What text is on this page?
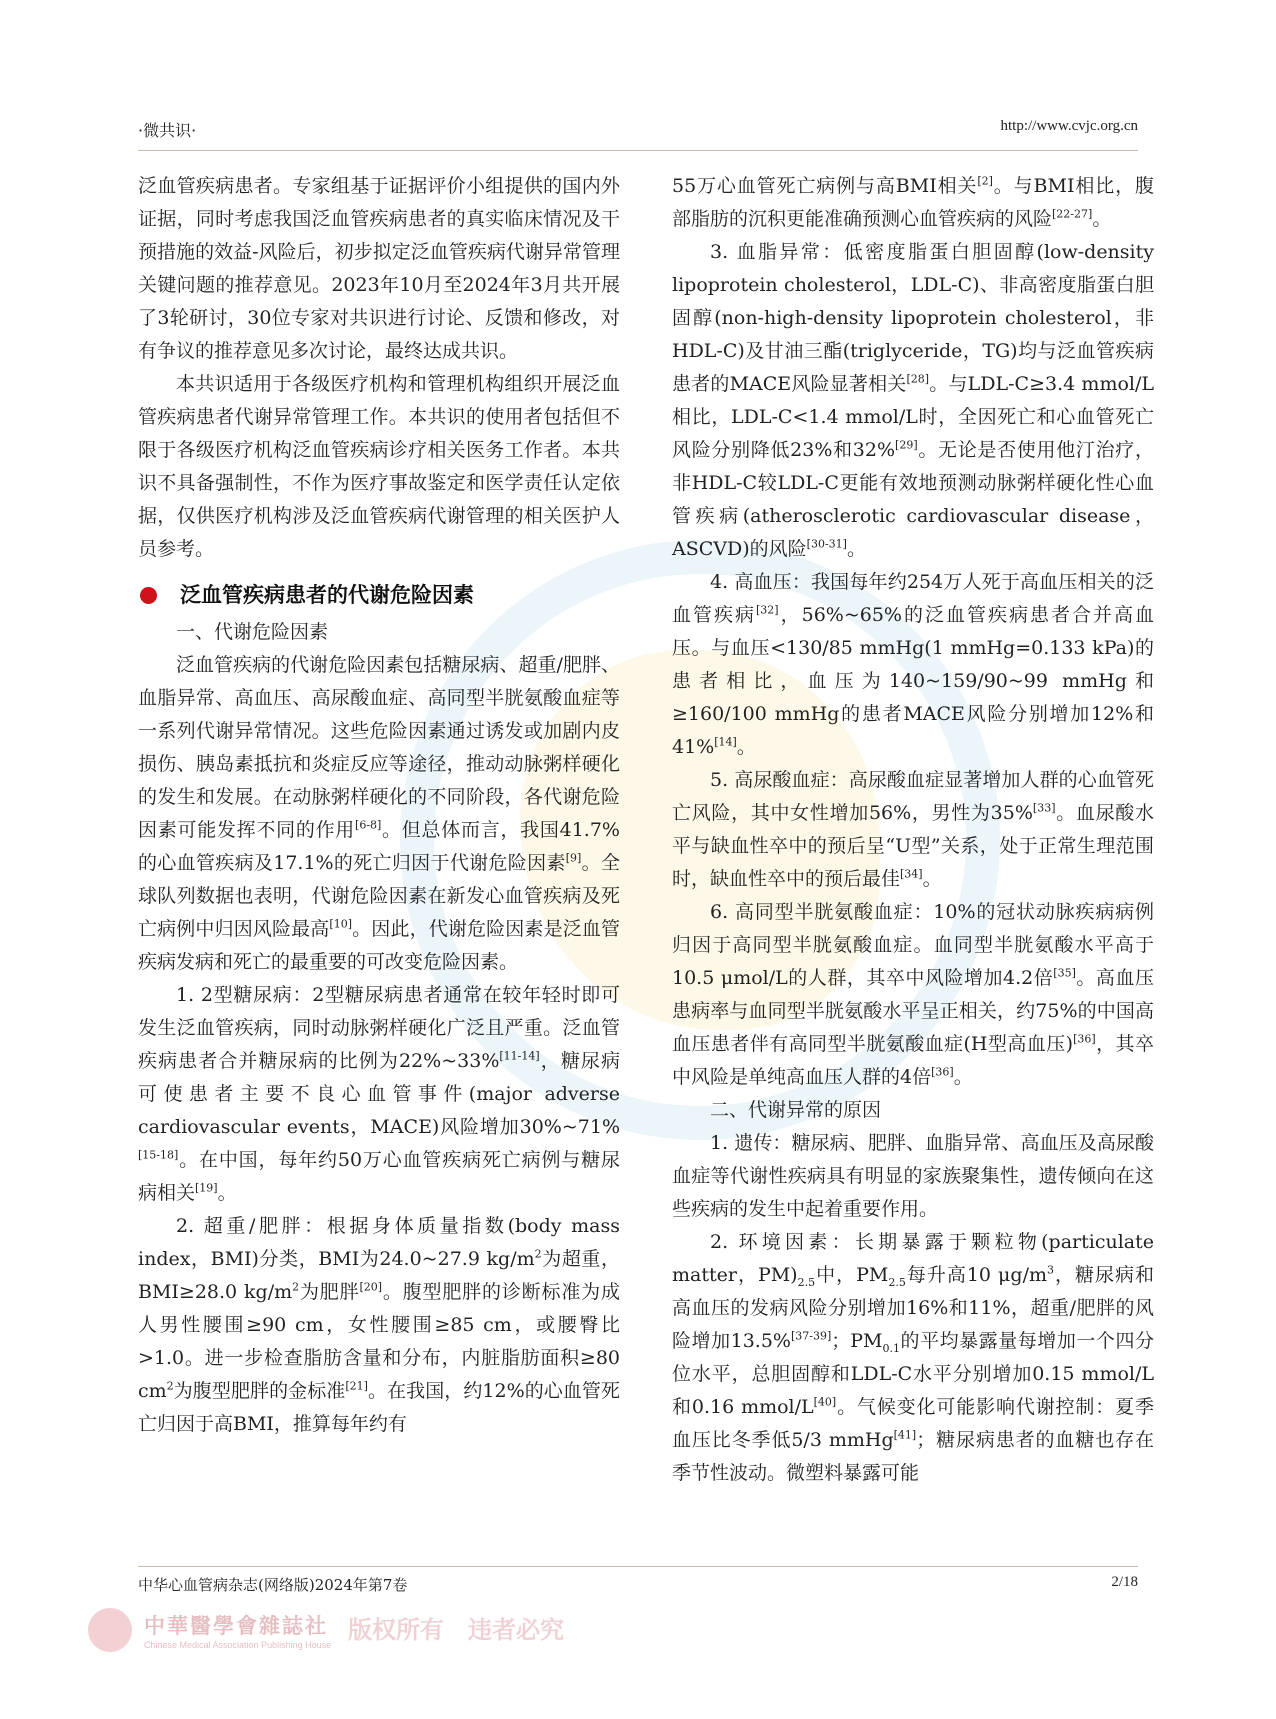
·微共识·	http://www.cvjc.org.cn

泛血管疾病患者。专家组基于证据评价小组提供的国内外证据，同时考虑我国泛血管疾病患者的真实临床情况及干预措施的效益-风险后，初步拟定泛血管疾病代谢异常管理关键问题的推荐意见。2023年10月至2024年3月共开展了3轮研讨，30位专家对共识进行讨论、反馈和修改，对有争议的推荐意见多次讨论，最终达成共识。

本共识适用于各级医疗机构和管理机构组织开展泛血管疾病患者代谢异常管理工作。本共识的使用者包括但不限于各级医疗机构泛血管疾病诊疗相关医务工作者。本共识不具备强制性，不作为医疗事故鉴定和医学责任认定依据，仅供医疗机构涉及泛血管疾病代谢管理的相关医护人员参考。

泛血管疾病患者的代谢危险因素

一、代谢危险因素

泛血管疾病的代谢危险因素包括糖尿病、超重/肥胖、血脂异常、高血压、高尿酸血症、高同型半胱氨酸血症等一系列代谢异常情况。这些危险因素通过诱发或加剧内皮损伤、胰岛素抵抗和炎症反应等途径，推动动脉粥样硬化的发生和发展。在动脉粥样硬化的不同阶段，各代谢危险因素可能发挥不同的作用[6-8]。但总体而言，我国41.7%的心血管疾病及17.1%的死亡归因于代谢危险因素[9]。全球队列数据也表明，代谢危险因素在新发心血管疾病及死亡病例中归因风险最高[10]。因此，代谢危险因素是泛血管疾病发病和死亡的最重要的可改变危险因素。

1. 2型糖尿病：2型糖尿病患者通常在较年轻时即可发生泛血管疾病，同时动脉粥样硬化广泛且严重。泛血管疾病患者合并糖尿病的比例为22%~33%[11-14]，糖尿病可使患者主要不良心血管事件(major adverse cardiovascular events，MACE)风险增加30%~71%[15-18]。在中国，每年约50万心血管疾病死亡病例与糖尿病相关[19]。

2. 超重/肥胖：根据身体质量指数(body mass index，BMI)分类，BMI为24.0~27.9 $kg/m^2$为超重，BMI≥28.0 $kg/m^2$为肥胖[20]。腹型肥胖的诊断标准为成人男性腰围≥90 cm，女性腰围≥85 cm，或腰臀比>1.0。进一步检查脂肪含量和分布，内脏脂肪面积≥80 $cm^2$为腹型肥胖的金标准[21]。在我国，约12%的心血管死亡归因于高BMI，推算每年约有

55万心血管死亡病例与高BMI相关[2]。与BMI相比，腹部脂肪的沉积更能准确预测心血管疾病的风险[22-27]。

3. 血脂异常：低密度脂蛋白胆固醇(low-density lipoprotein cholesterol，LDL-C)、非高密度脂蛋白胆固醇(non-high-density lipoprotein cholesterol，非HDL-C)及甘油三酯(triglyceride，TG)均与泛血管疾病患者的MACE风险显著相关[28]。与LDL-C≥3.4 mmol/L相比，LDL-C<1.4 mmol/L时，全因死亡和心血管死亡风险分别降低23%和32%[29]。无论是否使用他汀治疗，非HDL-C较LDL-C更能有效地预测动脉粥样硬化性心血管疾病(atherosclerotic cardiovascular disease，ASCVD)的风险[30-31]。

4. 高血压：我国每年约254万人死于高血压相关的泛血管疾病[32]，56%~65%的泛血管疾病患者合并高血压。与血压<130/85 mmHg(1 mmHg=0.133 kPa)的患者相比，血压为140~159/90~99 mmHg和≥160/100 mmHg的患者MACE风险分别增加12%和41%[14]。

5. 高尿酸血症：高尿酸血症显著增加人群的心血管死亡风险，其中女性增加56%，男性为35%[33]。血尿酸水平与缺血性卒中的预后呈“U型”关系，处于正常生理范围时，缺血性卒中的预后最佳[34]。

6. 高同型半胱氨酸血症：10%的冠状动脉疾病病例归因于高同型半胱氨酸血症。血同型半胱氨酸水平高于10.5 μmol/L的人群，其卒中风险增加4.2倍[35]。高血压患病率与血同型半胱氨酸水平呈正相关，约75%的中国高血压患者伴有高同型半胱氨酸血症(H型高血压)[36]，其卒中风险是单纯高血压人群的4倍[36]。

二、代谢异常的原因

1. 遗传：糖尿病、肥胖、血脂异常、高血压及高尿酸血症等代谢性疾病具有明显的家族聚集性，遗传倾向在这些疾病的发生中起着重要作用。

2. 环境因素：长期暴露于颗粒物(particulate matter，$PM)_{2.5}$中，$PM_{2.5}$每升高10 $\mu g/m^3$，糖尿病和高血压的发病风险分别增加16%和11%，超重/肥胖的风险增加13.5%[37-39]；$PM_{0.1}$的平均暴露量每增加一个四分位水平，总胆固醇和LDL-C水平分别增加0.15 mmol/L和0.16 mmol/L[40]。气候变化可能影响代谢控制：夏季血压比冬季低5/3 mmHg[41]；糖尿病患者的血糖也存在季节性波动。微塑料暴露可能

中华心血管病杂志(网络版)2024年第7卷	2/18
中華醫學會雜誌社
Chinese Medical Association Publishing House
版权所有 违者必究
